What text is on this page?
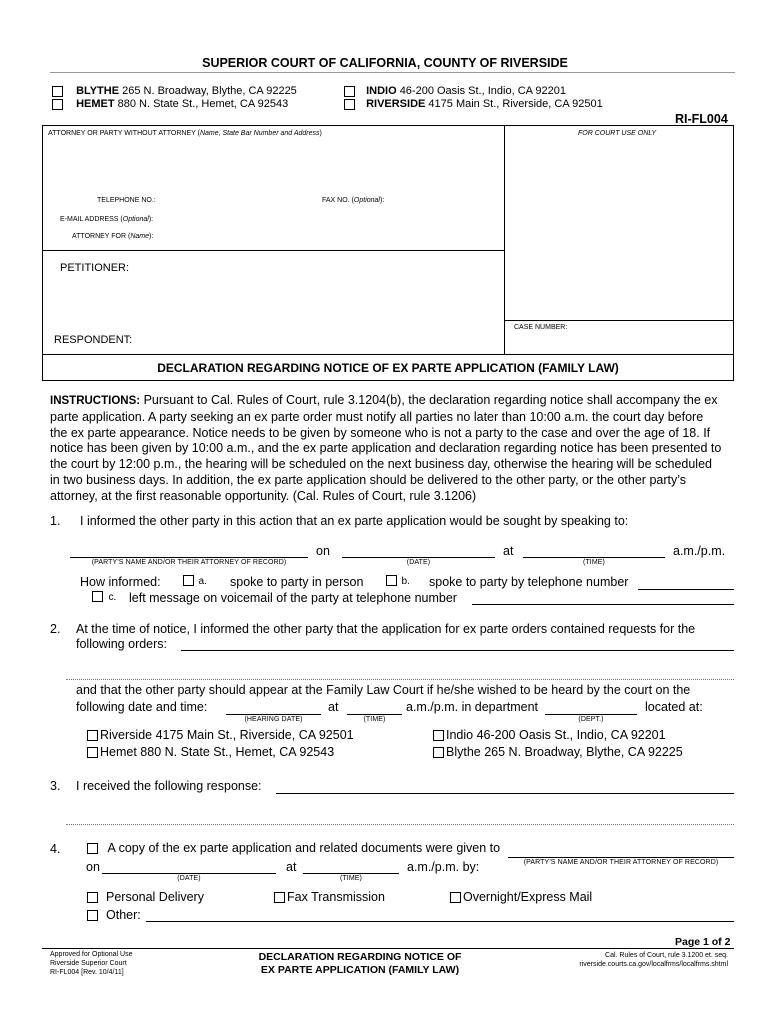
SUPERIOR COURT OF CALIFORNIA, COUNTY OF RIVERSIDE
BLYTHE 265 N. Broadway, Blythe, CA 92225
HEMET 880 N. State St., Hemet, CA 92543
INDIO 46-200 Oasis St., Indio, CA 92201
RIVERSIDE 4175 Main St., Riverside, CA 92501
RI-FL004
ATTORNEY OR PARTY WITHOUT ATTORNEY (Name, State Bar Number and Address)	FOR COURT USE ONLY
TELEPHONE NO.:	FAX NO. (Optional):
E-MAIL ADDRESS (Optional):
ATTORNEY FOR (Name):
PETITIONER:
RESPONDENT:
CASE NUMBER:
DECLARATION REGARDING NOTICE OF EX PARTE APPLICATION (FAMILY LAW)
INSTRUCTIONS: Pursuant to Cal. Rules of Court, rule 3.1204(b), the declaration regarding notice shall accompany the ex
parte application. A party seeking an ex parte order must notify all parties no later than 10:00 a.m. the court day before
the ex parte appearance. Notice needs to be given by someone who is not a party to the case and over the age of 18. If
notice has been given by 10:00 a.m., and the ex parte application and declaration regarding notice has been presented to
the court by 12:00 p.m., the hearing will be scheduled on the next business day, otherwise the hearing will be scheduled
in two business days. In addition, the ex parte application should be delivered to the other party, or the other party’s
attorney, at the first reasonable opportunity. (Cal. Rules of Court, rule 3.1206)
1. I informed the other party in this action that an ex parte application would be sought by speaking to:
on	at	a.m./p.m.
(PARTY'S NAME AND/OR THEIR ATTORNEY OF RECORD)	(DATE)	(TIME)
How informed:	a. spoke to party in person	b. spoke to party by telephone number
c. left message on voicemail of the party at telephone number
2. At the time of notice, I informed the other party that the application for ex parte orders contained requests for the
following orders:
and that the other party should appear at the Family Law Court if he/she wished to be heard by the court on the
following date and time:	at	a.m./p.m. in department	located at:
(HEARING DATE)	(TIME)	(DEPT.)
Riverside 4175 Main St., Riverside, CA 92501
Hemet 880 N. State St., Hemet, CA 92543
Indio 46-200 Oasis St., Indio, CA 92201
Blythe 265 N. Broadway, Blythe, CA 92225
3. I received the following response:
4.	A copy of the ex parte application and related documents were given to
(PARTY'S NAME AND/OR THEIR ATTORNEY OF RECORD)
on	at	a.m./p.m. by:
(DATE)	(TIME)
Personal Delivery	Fax Transmission	Overnight/Express Mail
Other:
Page 1 of 2
Approved for Optional Use
Riverside Superior Court
RI-FL004 [Rev. 10/4/11]
DECLARATION REGARDING NOTICE OF
EX PARTE APPLICATION (FAMILY LAW)
Cal. Rules of Court, rule 3.1200 et. seq.
riverside.courts.ca.gov/localfrms/localfrms.shtml
